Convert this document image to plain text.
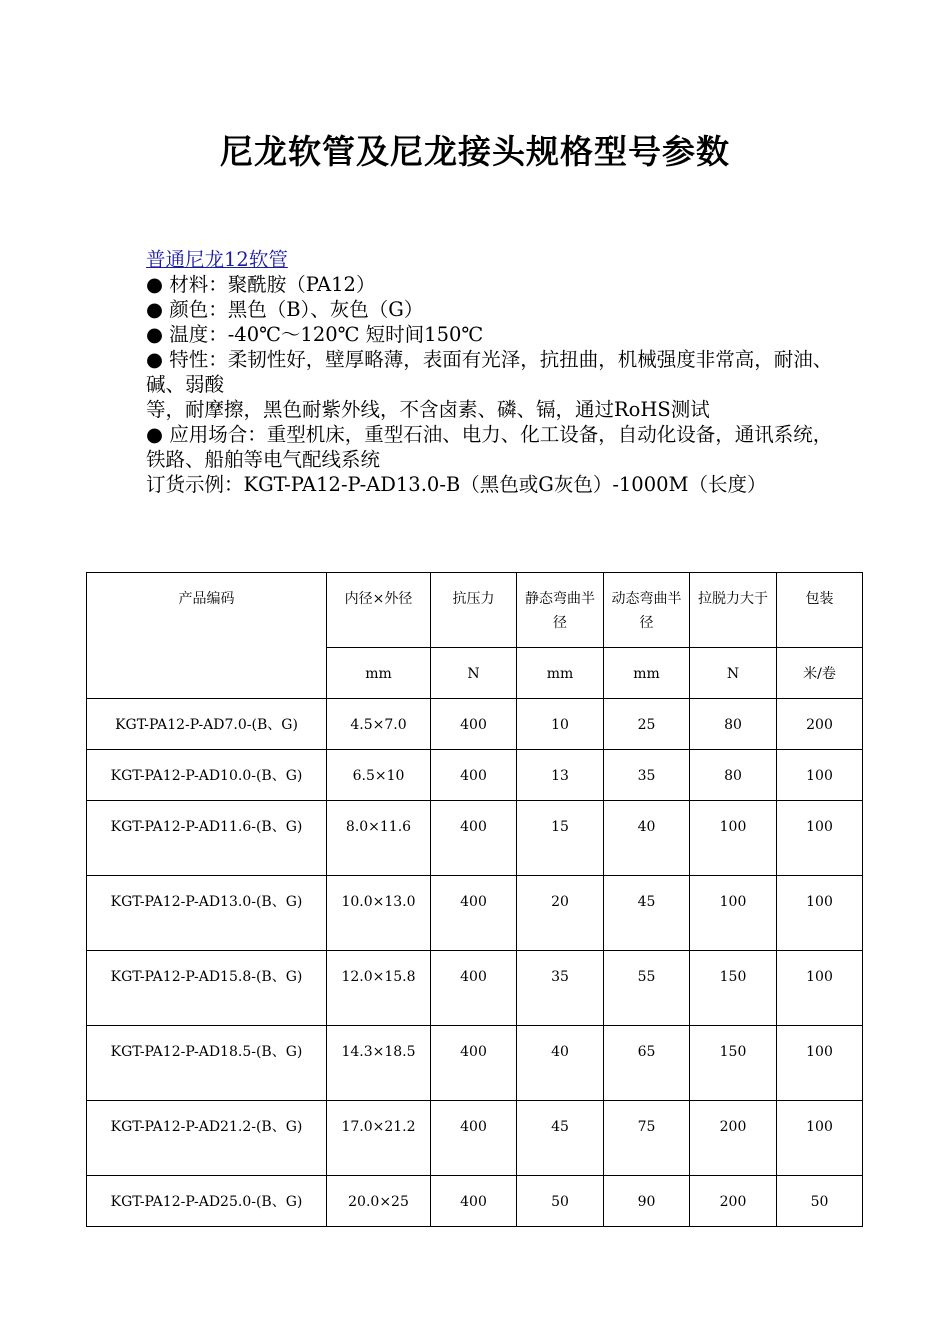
尼龙软管及尼龙接头规格型号参数
普通尼龙12软管
● 材料：聚酰胺（PA12）
● 颜色：黑色（B）、灰色（G）
● 温度：-40℃～120℃ 短时间150℃
● 特性：柔韧性好，壁厚略薄，表面有光泽，抗扭曲，机械强度非常高，耐油、碱、弱酸
等，耐摩擦，黑色耐紫外线，不含卤素、磷、镉，通过RoHS测试
● 应用场合：重型机床，重型石油、电力、化工设备，自动化设备，通讯系统，铁路、船舶等电气配线系统
订货示例：KGT-PA12-P-AD13.0-B（黑色或G灰色）-1000M（长度）
产品编码	内径×外径	抗压力	静态弯曲半径	动态弯曲半径	拉脱力大于	包装
	mm	N	mm	mm	N	米/卷
KGT-PA12-P-AD7.0-(B、G)	4.5×7.0	400	10	25	80	200
KGT-PA12-P-AD10.0-(B、G)	6.5×10	400	13	35	80	100
KGT-PA12-P-AD11.6-(B、G)	8.0×11.6	400	15	40	100	100
KGT-PA12-P-AD13.0-(B、G)	10.0×13.0	400	20	45	100	100
KGT-PA12-P-AD15.8-(B、G)	12.0×15.8	400	35	55	150	100
KGT-PA12-P-AD18.5-(B、G)	14.3×18.5	400	40	65	150	100
KGT-PA12-P-AD21.2-(B、G)	17.0×21.2	400	45	75	200	100
KGT-PA12-P-AD25.0-(B、G)	20.0×25	400	50	90	200	50
